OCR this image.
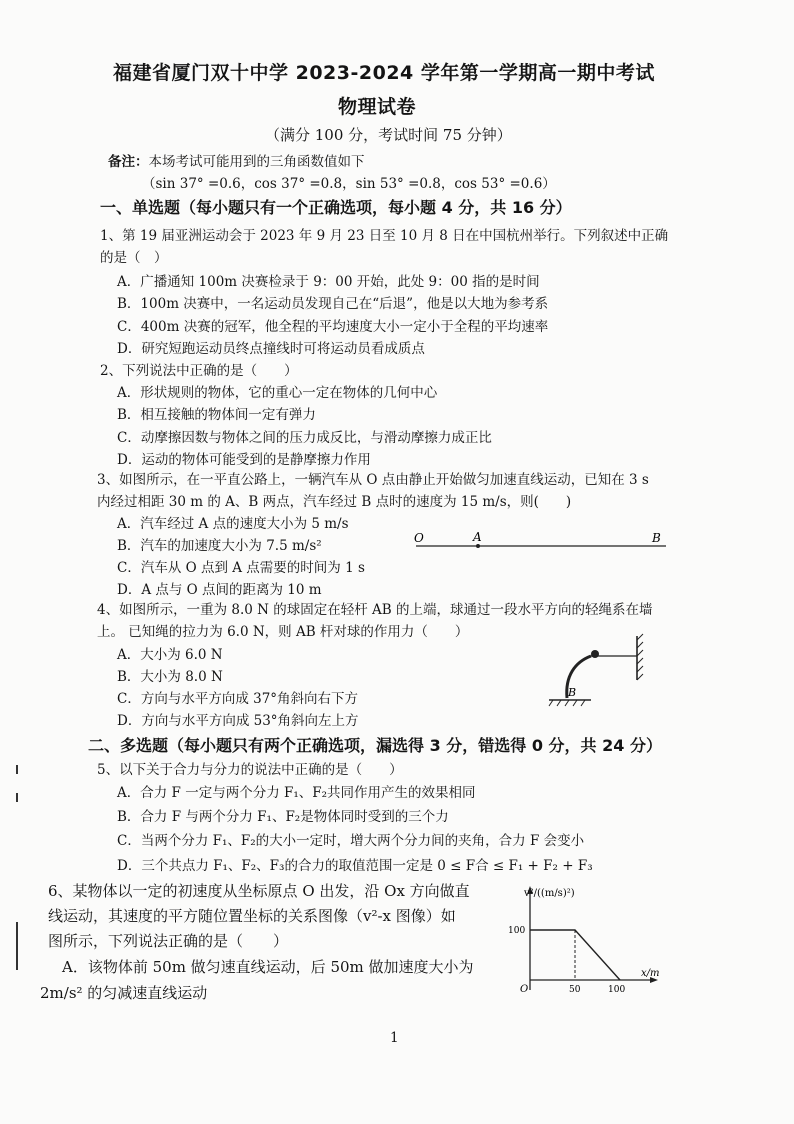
福建省厦门双十中学 2023-2024 学年第一学期高一期中考试
物理试卷
（满分 100 分，考试时间 75 分钟）
备注：本场考试可能用到的三角函数值如下
（sin 37° =0.6，cos 37° =0.8，sin 53° =0.8，cos 53° =0.6）
一、单选题（每小题只有一个正确选项，每小题 4 分，共 16 分）
1、第 19 届亚洲运动会于 2023 年 9 月 23 日至 10 月 8 日在中国杭州举行。下列叙述中正确
的是（　）
A．广播通知 100m 决赛检录于 9：00 开始，此处 9：00 指的是时间
B．100m 决赛中，一名运动员发现自己在“后退”，他是以大地为参考系
C．400m 决赛的冠军，他全程的平均速度大小一定小于全程的平均速率
D．研究短跑运动员终点撞线时可将运动员看成质点
2、下列说法中正确的是（　　）
A．形状规则的物体，它的重心一定在物体的几何中心
B．相互接触的物体间一定有弹力
C．动摩擦因数与物体之间的压力成反比，与滑动摩擦力成正比
D．运动的物体可能受到的是静摩擦力作用
3、如图所示，在一平直公路上，一辆汽车从 O 点由静止开始做匀加速直线运动，已知在 3 s
内经过相距 30 m 的 A、B 两点，汽车经过 B 点时的速度为 15 m/s，则(　　)
A．汽车经过 A 点的速度大小为 5 m/s
B．汽车的加速度大小为 7.5 m/s²
C．汽车从 O 点到 A 点需要的时间为 1 s
D．A 点与 O 点间的距离为 10 m
O	A	B
4、如图所示，一重为 8.0 N 的球固定在轻杆 AB 的上端，球通过一段水平方向的轻绳系在墙
上。 已知绳的拉力为 6.0 N，则 AB 杆对球的作用力（　　）
A．大小为 6.0 N
B．大小为 8.0 N
C．方向与水平方向成 37°角斜向右下方
D．方向与水平方向成 53°角斜向左上方
B
二、多选题（每小题只有两个正确选项，漏选得 3 分，错选得 0 分，共 24 分）
5、以下关于合力与分力的说法中正确的是（　　）
A．合力 F 一定与两个分力 F₁、F₂共同作用产生的效果相同
B．合力 F 与两个分力 F₁、F₂是物体同时受到的三个力
C．当两个分力 F₁、F₂的大小一定时，增大两个分力间的夹角，合力 F 会变小
D．三个共点力 F₁、F₂、F₃的合力的取值范围一定是 0 ≤ F合 ≤ F₁ + F₂ + F₃
6、某物体以一定的初速度从坐标原点 O 出发，沿 Ox 方向做直
线运动，其速度的平方随位置坐标的关系图像（v²-x 图像）如
图所示，下列说法正确的是（　　）
A．该物体前 50m 做匀速直线运动，后 50m 做加速度大小为
2m/s² 的匀减速直线运动
v²/((m/s)²)
x/m
O
100
50	100
1
